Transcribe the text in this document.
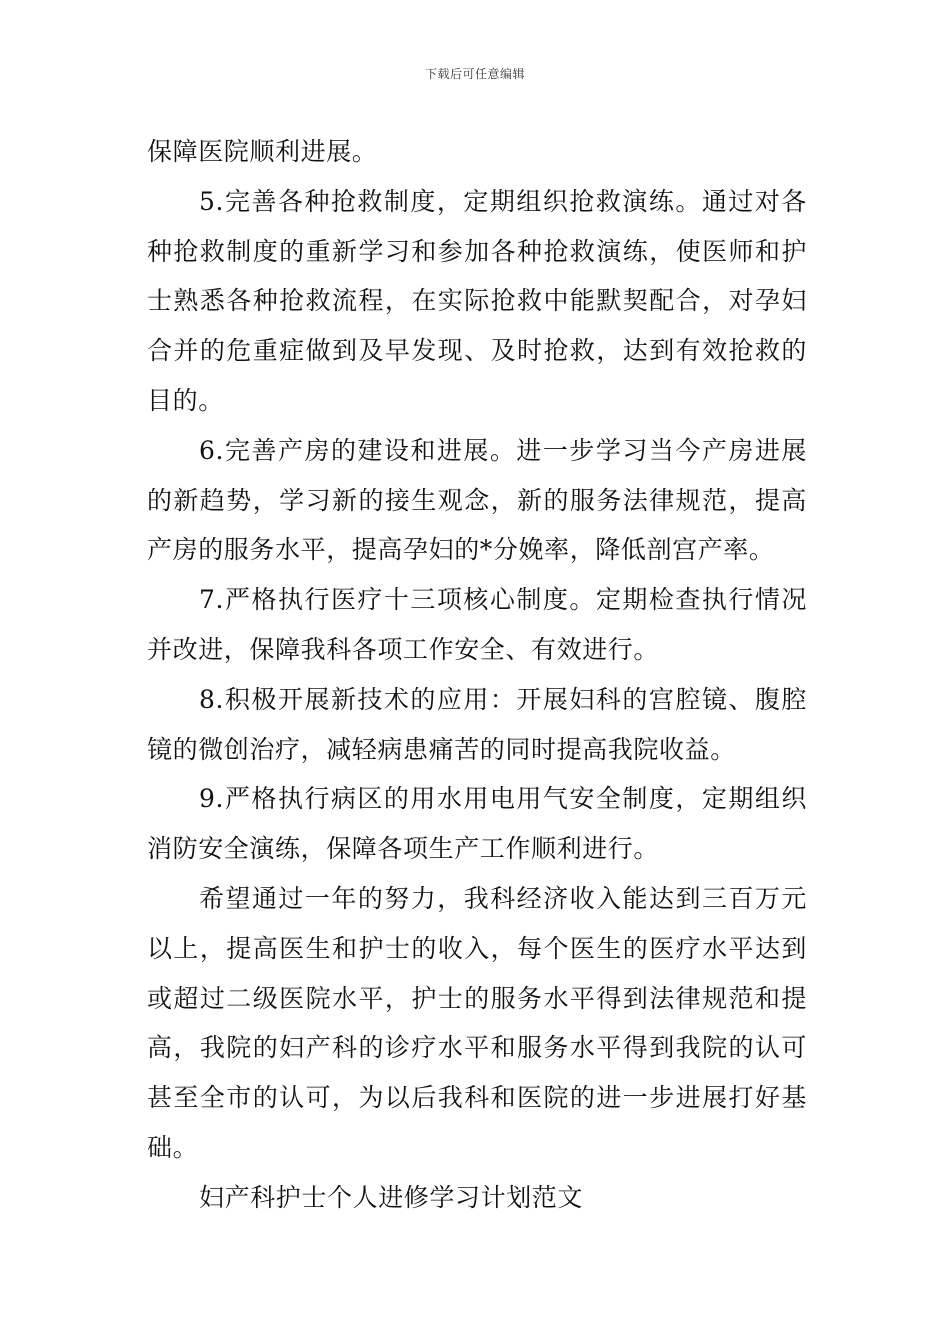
下载后可任意编辑

保障医院顺利进展。

5.完善各种抢救制度，定期组织抢救演练。通过对各种抢救制度的重新学习和参加各种抢救演练，使医师和护士熟悉各种抢救流程，在实际抢救中能默契配合，对孕妇合并的危重症做到及早发现、及时抢救，达到有效抢救的目的。

6.完善产房的建设和进展。进一步学习当今产房进展的新趋势，学习新的接生观念，新的服务法律规范，提高产房的服务水平，提高孕妇的*分娩率，降低剖宫产率。

7.严格执行医疗十三项核心制度。定期检查执行情况并改进，保障我科各项工作安全、有效进行。

8.积极开展新技术的应用：开展妇科的宫腔镜、腹腔镜的微创治疗，减轻病患痛苦的同时提高我院收益。

9.严格执行病区的用水用电用气安全制度，定期组织消防安全演练，保障各项生产工作顺利进行。

希望通过一年的努力，我科经济收入能达到三百万元以上，提高医生和护士的收入，每个医生的医疗水平达到或超过二级医院水平，护士的服务水平得到法律规范和提高，我院的妇产科的诊疗水平和服务水平得到我院的认可甚至全市的认可，为以后我科和医院的进一步进展打好基础。

妇产科护士个人进修学习计划范文
